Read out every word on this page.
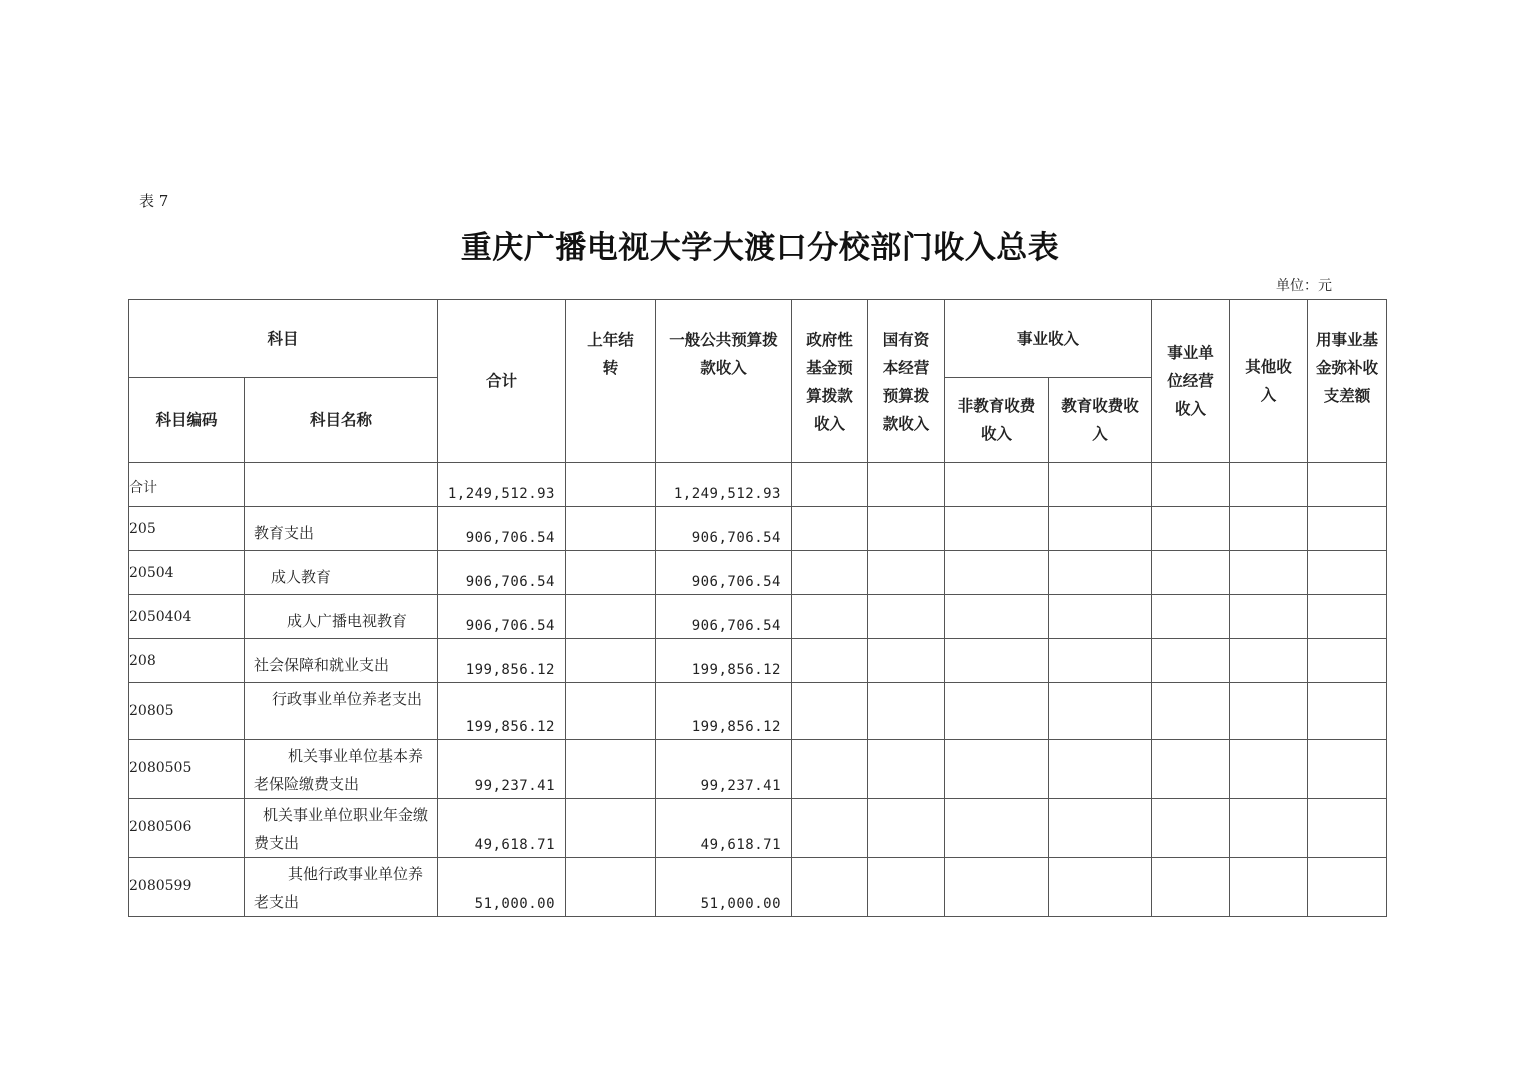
表 7
重庆广播电视大学大渡口分校部门收入总表
单位：元
科目		合计	上年结转	一般公共预算拨款收入	政府性基金预算拨款收入	国有资本经营预算拨款收入	事业收入		事业单位经营收入	其他收入	用事业基金弥补收支差额
科目编码	科目名称						非教育收费收入	教育收费收入			
合计		1,249,512.93		1,249,512.93							
205	教育支出	906,706.54		906,706.54							
20504	成人教育	906,706.54		906,706.54							
2050404	成人广播电视教育	906,706.54		906,706.54							
208	社会保障和就业支出	199,856.12		199,856.12							
20805	行政事业单位养老支出	199,856.12		199,856.12							
2080505	机关事业单位基本养老保险缴费支出	99,237.41		99,237.41							
2080506	机关事业单位职业年金缴费支出	49,618.71		49,618.71							
2080599	其他行政事业单位养老支出	51,000.00		51,000.00							
